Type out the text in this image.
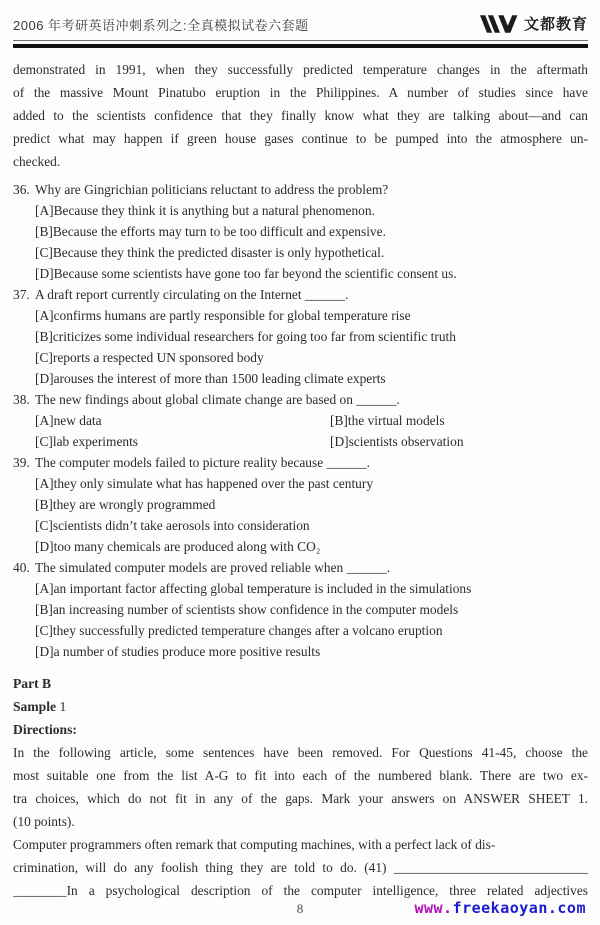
2006 年考研英语冲刺系列之:全真模拟试卷六套题	文都教育
demonstrated in 1991, when they successfully predicted temperature changes in the aftermath
of the massive Mount Pinatubo eruption in the Philippines. A number of studies since have
added to the scientists confidence that they finally know what they are talking about—and can
predict what may happen if green house gases continue to be pumped into the atmosphere un-
checked.
36. Why are Gingrichian politicians reluctant to address the problem?
[A]Because they think it is anything but a natural phenomenon.
[B]Because the efforts may turn to be too difficult and expensive.
[C]Because they think the predicted disaster is only hypothetical.
[D]Because some scientists have gone too far beyond the scientific consent us.
37. A draft report currently circulating on the Internet ______.
[A]confirms humans are partly responsible for global temperature rise
[B]criticizes some individual researchers for going too far from scientific truth
[C]reports a respected UN sponsored body
[D]arouses the interest of more than 1500 leading climate experts
38. The new findings about global climate change are based on ______.
[A]new data	[B]the virtual models
[C]lab experiments	[D]scientists observation
39. The computer models failed to picture reality because ______.
[A]they only simulate what has happened over the past century
[B]they are wrongly programmed
[C]scientists didn’t take aerosols into consideration
[D]too many chemicals are produced along with CO₂
40. The simulated computer models are proved reliable when ______.
[A]an important factor affecting global temperature is included in the simulations
[B]an increasing number of scientists show confidence in the computer models
[C]they successfully predicted temperature changes after a volcano eruption
[D]a number of studies produce more positive results
Part B
Sample 1
Directions:
In the following article, some sentences have been removed. For Questions 41-45, choose the
most suitable one from the list A-G to fit into each of the numbered blank. There are two ex-
tra choices, which do not fit in any of the gaps. Mark your answers on ANSWER SHEET 1.
(10 points).
Computer programmers often remark that computing machines, with a perfect lack of dis-
crimination, will do any foolish thing they are told to do. (41) _____________________________
________In a psychological description of the computer intelligence, three related adjectives
8	www.freekaoyan.com
